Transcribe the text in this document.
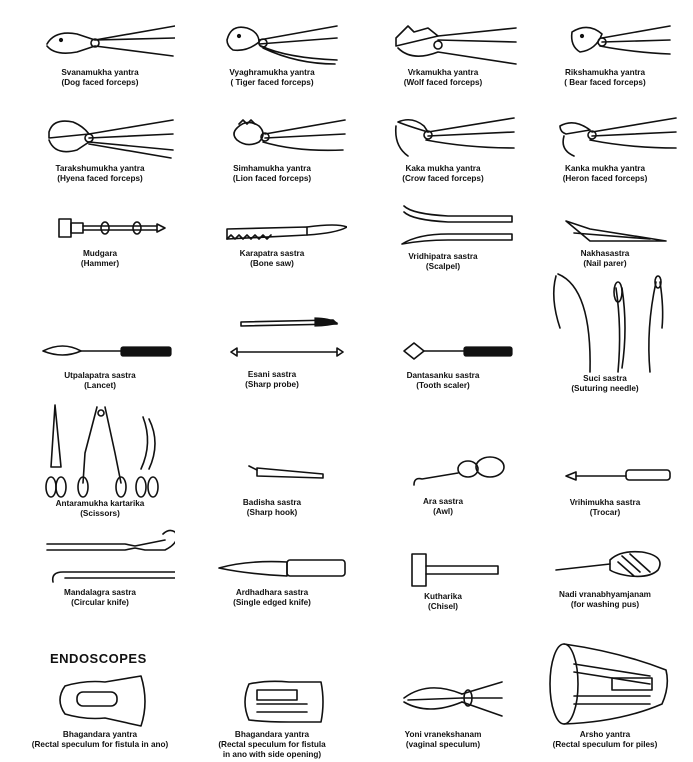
ENDOSCOPES
Svanamukha yantra
(Dog faced forceps)
Vyaghramukha yantra
( Tiger faced forceps)
Vrkamukha yantra
(Wolf faced forceps)
Rikshamukha yantra
( Bear faced forceps)
Tarakshumukha yantra
(Hyena faced forceps)
Simhamukha yantra
(Lion faced forceps)
Kaka mukha yantra
(Crow faced forceps)
Kanka mukha yantra
(Heron faced forceps)
Mudgara
(Hammer)
Karapatra sastra
(Bone saw)
Vridhipatra sastra
(Scalpel)
Nakhasastra
(Nail parer)
Utpalapatra sastra
(Lancet)
Esani sastra
(Sharp probe)
Dantasanku sastra
(Tooth scaler)
Suci sastra
(Suturing needle)
Antaramukha kartarika
(Scissors)
Badisha sastra
(Sharp hook)
Ara sastra
(Awl)
Vrihimukha sastra
(Trocar)
Mandalagra sastra
(Circular knife)
Ardhadhara sastra
(Single edged knife)
Kutharika
(Chisel)
Nadi vranabhyamjanam
(for washing pus)
Bhagandara yantra
(Rectal speculum for fistula in ano)
Bhagandara yantra
(Rectal speculum for fistula
in ano with side opening)
Yoni vranekshanam
(vaginal speculum)
Arsho yantra
(Rectal speculum for piles)
